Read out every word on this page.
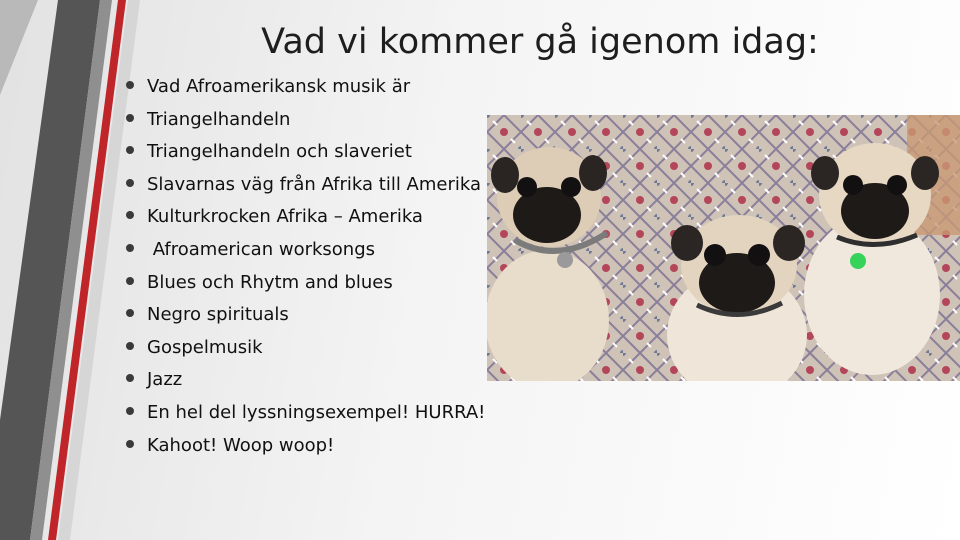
Vad vi kommer gå igenom idag:
Vad Afroamerikansk musik är
Triangelhandeln
Triangelhandeln och slaveriet
Slavarnas väg från Afrika till Amerika
Kulturkrocken Afrika – Amerika
Afroamerican worksongs
Blues och Rhytm and blues
Negro spirituals
Gospelmusik
Jazz
En hel del lyssningsexempel! HURRA!
Kahoot! Woop woop!
